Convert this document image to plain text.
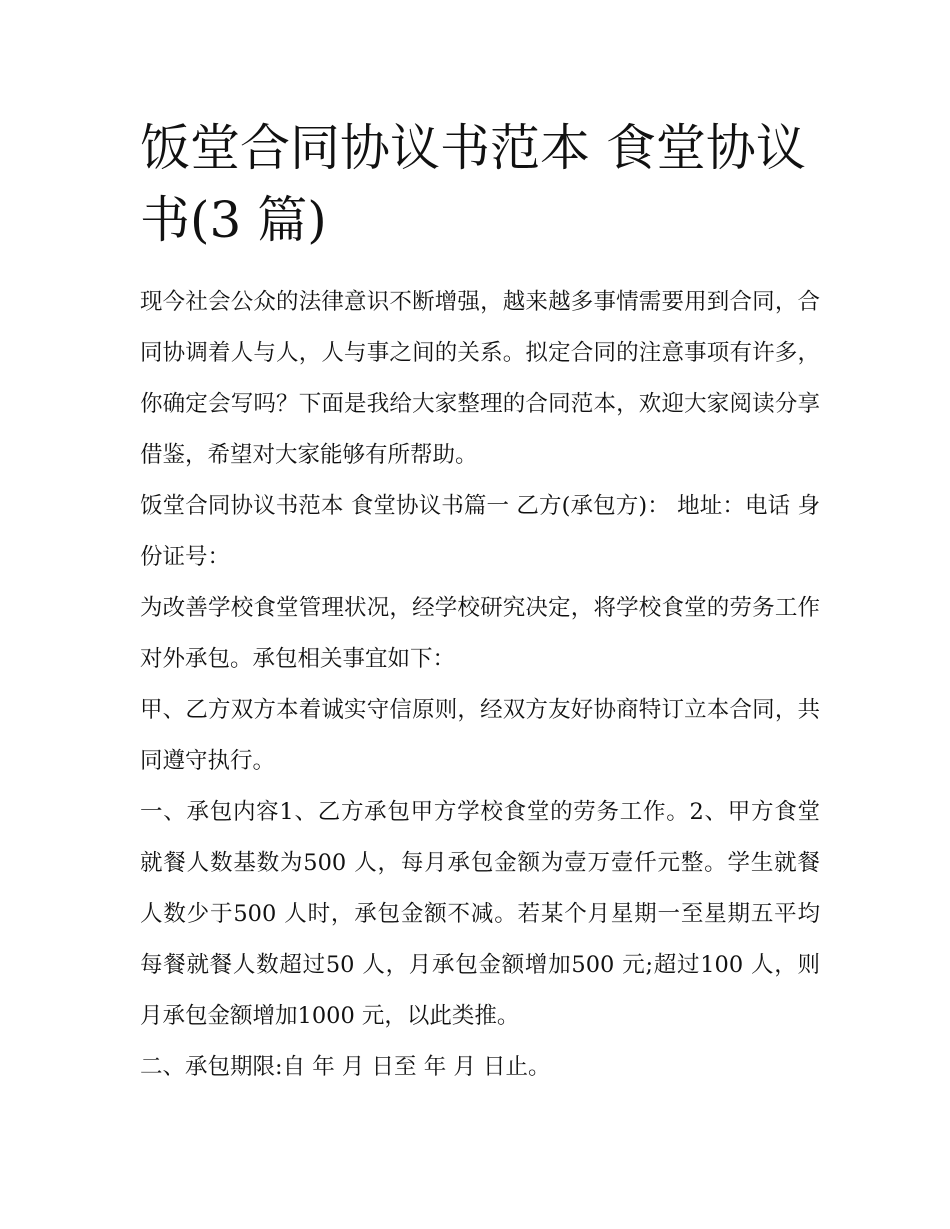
饭堂合同协议书范本 食堂协议书(3 篇)

现今社会公众的法律意识不断增强，越来越多事情需要用到合同，合同协调着人与人，人与事之间的关系。拟定合同的注意事项有许多，你确定会写吗？下面是我给大家整理的合同范本，欢迎大家阅读分享借鉴，希望对大家能够有所帮助。

饭堂合同协议书范本 食堂协议书篇一 乙方(承包方)： 地址：电话 身份证号：

为改善学校食堂管理状况，经学校研究决定，将学校食堂的劳务工作对外承包。承包相关事宜如下：

甲、乙方双方本着诚实守信原则，经双方友好协商特订立本合同，共同遵守执行。

一、承包内容1、乙方承包甲方学校食堂的劳务工作。2、甲方食堂就餐人数基数为500 人，每月承包金额为壹万壹仟元整。学生就餐人数少于500 人时，承包金额不减。若某个月星期一至星期五平均每餐就餐人数超过50 人，月承包金额增加500 元;超过100 人，则月承包金额增加1000 元，以此类推。

二、承包期限:自 年 月 日至 年 月 日止。
